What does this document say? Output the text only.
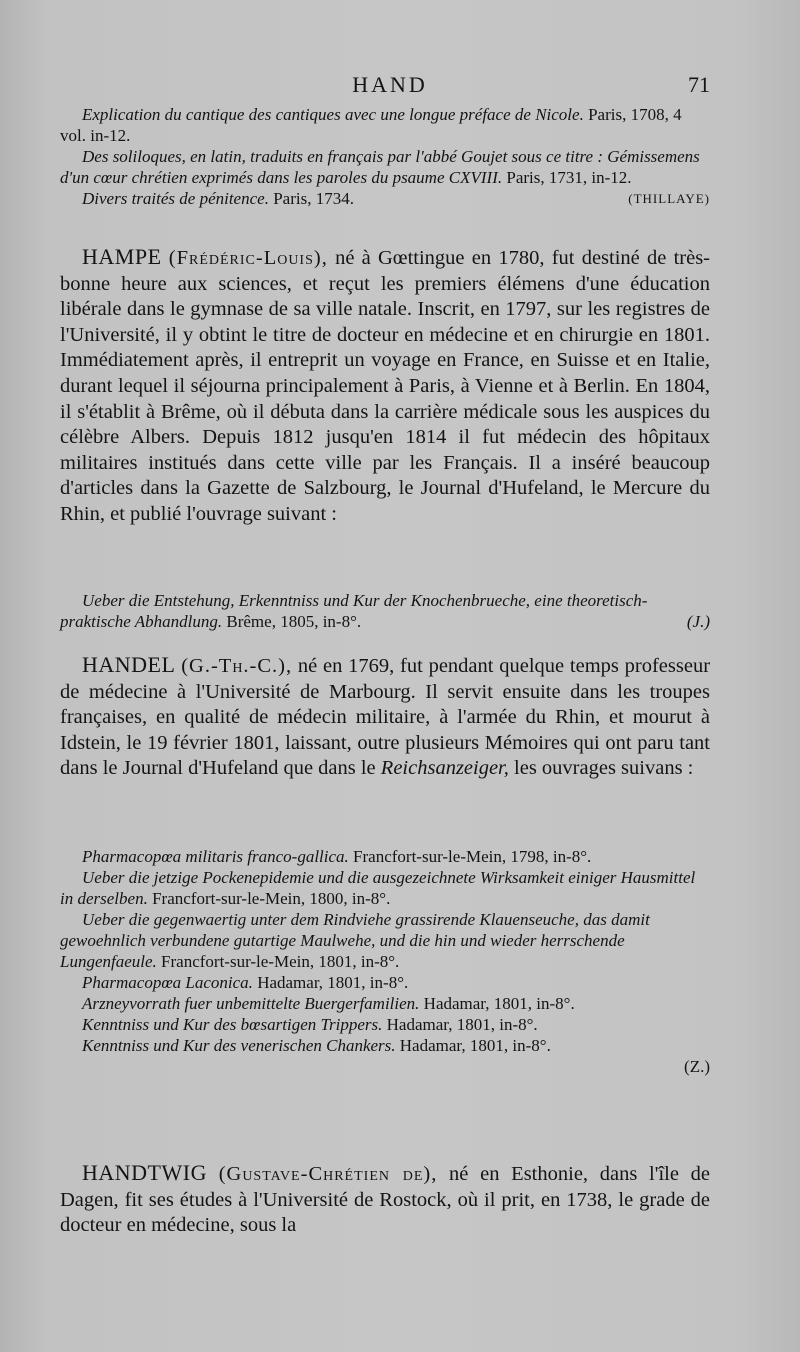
HAND	71

Explication du cantique des cantiques avec une longue préface de Nicole. Paris, 1708, 4 vol. in-12.

Des soliloques, en latin, traduits en français par l'abbé Goujet sous ce titre : Gémissemens d'un cœur chrétien exprimés dans les paroles du psaume CXVIII. Paris, 1731, in-12.

Divers traités de pénitence. Paris, 1734.	(THILLAYE)

HAMPE (Frédéric-Louis), né à Gœttingue en 1780, fut destiné de très-bonne heure aux sciences, et reçut les premiers élémens d'une éducation libérale dans le gymnase de sa ville natale. Inscrit, en 1797, sur les registres de l'Université, il y obtint le titre de docteur en médecine et en chirurgie en 1801. Immédiatement après, il entreprit un voyage en France, en Suisse et en Italie, durant lequel il séjourna principalement à Paris, à Vienne et à Berlin. En 1804, il s'établit à Brême, où il débuta dans la carrière médicale sous les auspices du célèbre Albers. Depuis 1812 jusqu'en 1814 il fut médecin des hôpitaux militaires institués dans cette ville par les Français. Il a inséré beaucoup d'articles dans la Gazette de Salzbourg, le Journal d'Hufeland, le Mercure du Rhin, et publié l'ouvrage suivant :

Ueber die Entstehung, Erkenntniss und Kur der Knochenbrueche, eine theoretisch-praktische Abhandlung. Brême, 1805, in-8°.	(J.)

HANDEL (G.-Th.-C.), né en 1769, fut pendant quelque temps professeur de médecine à l'Université de Marbourg. Il servit ensuite dans les troupes françaises, en qualité de médecin militaire, à l'armée du Rhin, et mourut à Idstein, le 19 février 1801, laissant, outre plusieurs Mémoires qui ont paru tant dans le Journal d'Hufeland que dans le Reichsanzeiger, les ouvrages suivans :

Pharmacopœa militaris franco-gallica. Francfort-sur-le-Mein, 1798, in-8°.

Ueber die jetzige Pockenepidemie und die ausgezeichnete Wirksamkeit einiger Hausmittel in derselben. Francfort-sur-le-Mein, 1800, in-8°.

Ueber die gegenwaertig unter dem Rindviehe grassirende Klauenseuche, das damit gewoehnlich verbundene gutartige Maulwehe, und die hin und wieder herrschende Lungenfaeule. Francfort-sur-le-Mein, 1801, in-8°.

Pharmacopœa Laconica. Hadamar, 1801, in-8°.

Arzneyvorrath fuer unbemittelte Buergerfamilien. Hadamar, 1801, in-8°.

Kenntniss und Kur des bœsartigen Trippers. Hadamar, 1801, in-8°.

Kenntniss und Kur des venerischen Chankers. Hadamar, 1801, in-8°.

(Z.)

HANDTWIG (Gustave-Chrétien de), né en Esthonie, dans l'île de Dagen, fit ses études à l'Université de Rostock, où il prit, en 1738, le grade de docteur en médecine, sous la
